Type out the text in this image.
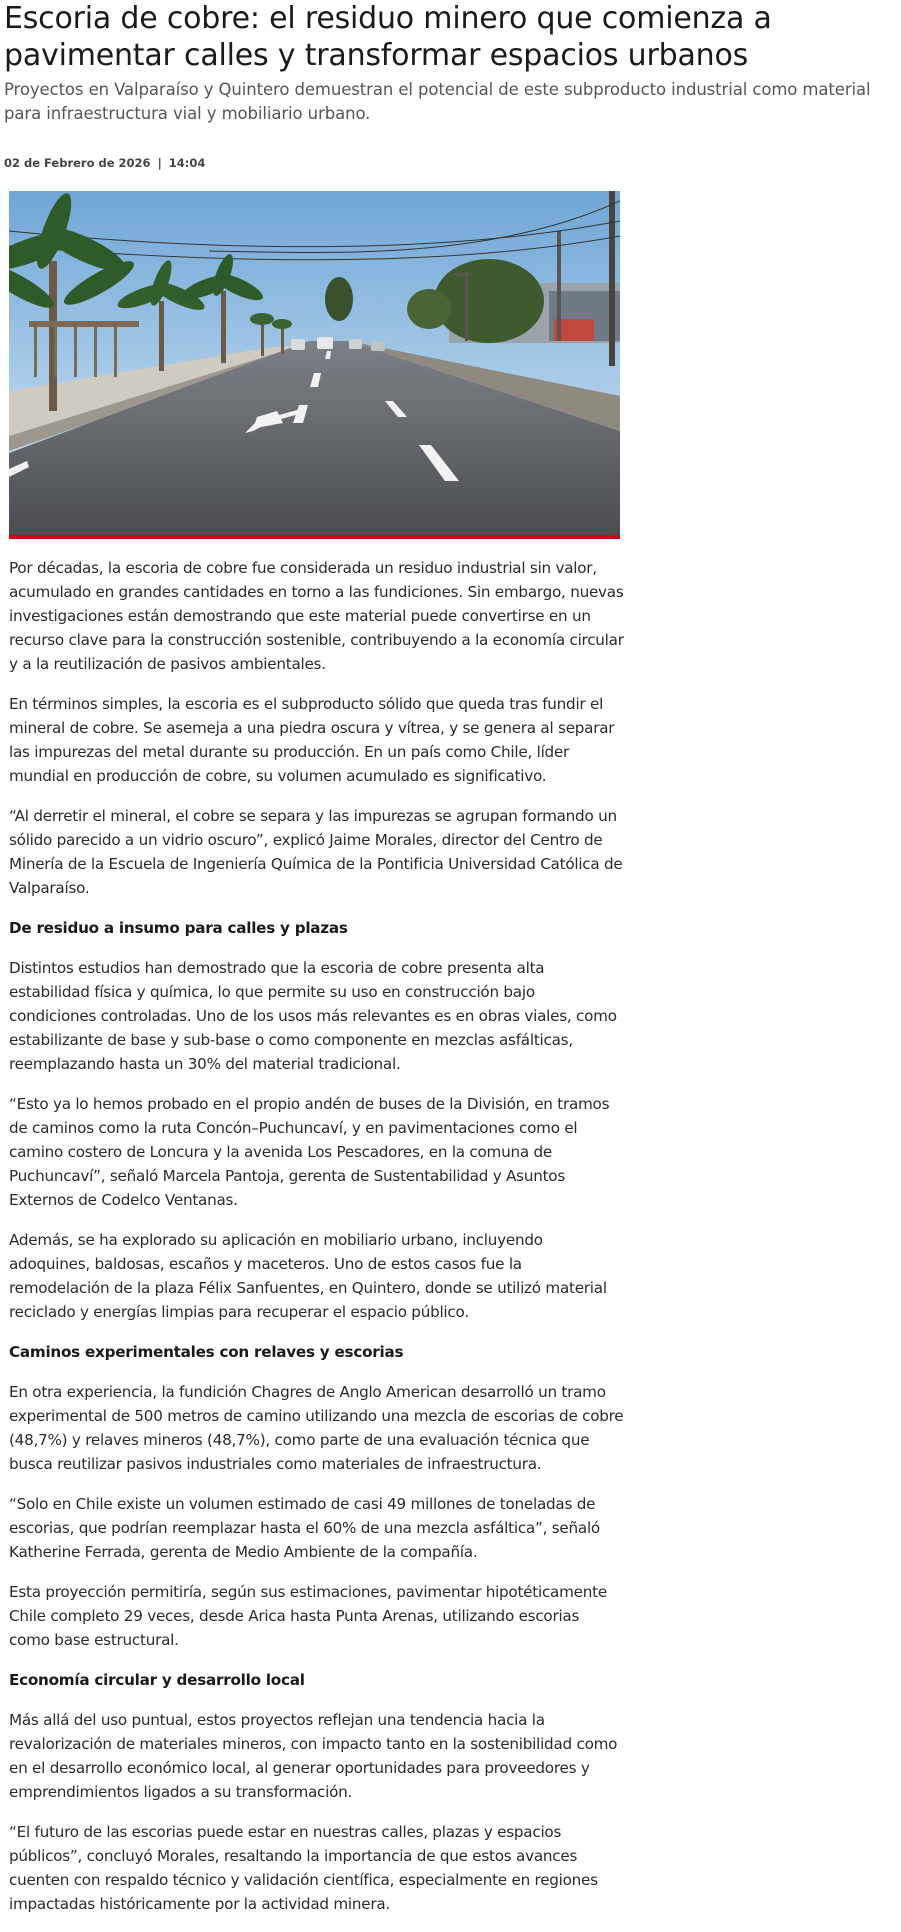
Escoria de cobre: el residuo minero que comienza a pavimentar calles y transformar espacios urbanos
Proyectos en Valparaíso y Quintero demuestran el potencial de este subproducto industrial como material para infraestructura vial y mobiliario urbano.
02 de Febrero de 2026 | 14:04

Por décadas, la escoria de cobre fue considerada un residuo industrial sin valor, acumulado en grandes cantidades en torno a las fundiciones. Sin embargo, nuevas investigaciones están demostrando que este material puede convertirse en un recurso clave para la construcción sostenible, contribuyendo a la economía circular y a la reutilización de pasivos ambientales.

En términos simples, la escoria es el subproducto sólido que queda tras fundir el mineral de cobre. Se asemeja a una piedra oscura y vítrea, y se genera al separar las impurezas del metal durante su producción. En un país como Chile, líder mundial en producción de cobre, su volumen acumulado es significativo.

“Al derretir el mineral, el cobre se separa y las impurezas se agrupan formando un sólido parecido a un vidrio oscuro”, explicó Jaime Morales, director del Centro de Minería de la Escuela de Ingeniería Química de la Pontificia Universidad Católica de Valparaíso.

De residuo a insumo para calles y plazas

Distintos estudios han demostrado que la escoria de cobre presenta alta estabilidad física y química, lo que permite su uso en construcción bajo condiciones controladas. Uno de los usos más relevantes es en obras viales, como estabilizante de base y sub-base o como componente en mezclas asfálticas, reemplazando hasta un 30% del material tradicional.

“Esto ya lo hemos probado en el propio andén de buses de la División, en tramos de caminos como la ruta Concón–Puchuncaví, y en pavimentaciones como el camino costero de Loncura y la avenida Los Pescadores, en la comuna de Puchuncaví”, señaló Marcela Pantoja, gerenta de Sustentabilidad y Asuntos Externos de Codelco Ventanas.

Además, se ha explorado su aplicación en mobiliario urbano, incluyendo adoquines, baldosas, escaños y maceteros. Uno de estos casos fue la remodelación de la plaza Félix Sanfuentes, en Quintero, donde se utilizó material reciclado y energías limpias para recuperar el espacio público.

Caminos experimentales con relaves y escorias

En otra experiencia, la fundición Chagres de Anglo American desarrolló un tramo experimental de 500 metros de camino utilizando una mezcla de escorias de cobre (48,7%) y relaves mineros (48,7%), como parte de una evaluación técnica que busca reutilizar pasivos industriales como materiales de infraestructura.

“Solo en Chile existe un volumen estimado de casi 49 millones de toneladas de escorias, que podrían reemplazar hasta el 60% de una mezcla asfáltica”, señaló Katherine Ferrada, gerenta de Medio Ambiente de la compañía.

Esta proyección permitiría, según sus estimaciones, pavimentar hipotéticamente Chile completo 29 veces, desde Arica hasta Punta Arenas, utilizando escorias como base estructural.

Economía circular y desarrollo local

Más allá del uso puntual, estos proyectos reflejan una tendencia hacia la revalorización de materiales mineros, con impacto tanto en la sostenibilidad como en el desarrollo económico local, al generar oportunidades para proveedores y emprendimientos ligados a su transformación.

“El futuro de las escorias puede estar en nuestras calles, plazas y espacios públicos”, concluyó Morales, resaltando la importancia de que estos avances cuenten con respaldo técnico y validación científica, especialmente en regiones impactadas históricamente por la actividad minera.
